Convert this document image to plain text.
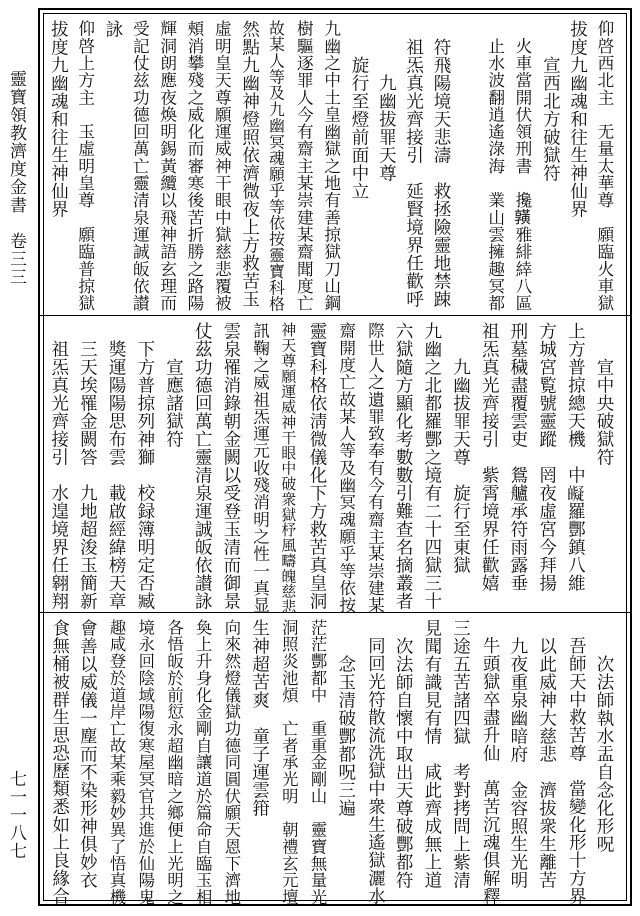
靈寶領教濟度金書　卷三三
七一一八七
仰啓西北主　无量太華尊　願臨火車獄
拔度九幽魂和往生神仙界
　　宣西北方破獄符
　火車當開伏領刑書　攙𪏆雅緋緈八區
　止水波翻逍遙淥海　業山雲擁趣冥都

　符飛陽境天悲濤　救拯險靈地禁踈
　祖炁真光齊接引　延賢境界任歡呼
　　　九幽拔罪天尊
　　旋行至燈前面中立
九幽之中土皇幽獄之地有善掠獄刀山鋼
樹驅逐罪人今有齋主某崇建某齋聞度亡
故某人等及九幽冥魂願乎等依按靈寶科格
然點九幽神燈照依濟微夜上方救苦玉
虛明皇天尊願運威神干眼中獄慈悲覆被
頰消攀殘之威化而審寒後苦折勝之路陽
輝洞朗應夜煥明錫黃纜以飛神語玄理而
受記仗兹功德回萬亡靈清泉運誠皈依讃
詠
仰啓上方主　玉虛明皇尊　願臨普掠獄
拔度九幽魂和往生神仙界
　　宣中央破獄符
上方普掠總天機　中𤾰羅酆鎮八維
方城宮覧號靈蹤　罔夜虛宮今拜揚
刑墓穢盡覆雲吏　鴛艫承符雨露垂
祖炁真光齊接引　紫霄境界任歡嬉
　　九幽拔罪天尊　旋行至東獄
九幽之北都羅酆之境有二十四獄三十
六獄隨方顯化考數數引難查名摘叢者
際世人之遺罪致奉有今有齋主某崇建某
齋開度亡故某人等及幽冥魂願乎等依按
靈寶科格依淸微儀化下方救苦真皇洞
神天尊願運威神干眼中破衆獄杼風疇魄慈悲
訊鞠之威祖炁運元收殘消明之性一真显
雲泉罹消錄朝金闕以受登玉清而御景
仗茲功德回萬亡靈清泉運誠皈依讃詠
　　宣應諸獄符
　下方普掠列神獅　校録簿明定否臧
　獎運陽陽思布雲　載啟經緯榜天章
　三天埃罹金闕答　九地超浚玉簡新
　祖炁真光齊接引　水遑境界任翱翔
　　次法師執水盂自念化形呪
　吾師天中救苦尊　當變化形十方界
　以此威神大慈悲　濟拔衆生離苦
　九夜重泉幽暗府　金容照生光明
　牛頭獄卒盡升仙　萬苦沉魂俱解釋
三途五苦諸四獄　考對拷問上紫清
見聞有識見有情　咸此齊成無上道
　次法師自懷中取出天尊破酆都符
　同回光符散流洗獄中衆生遙獄灑水
　　念玉清破酆都呪三遍
茫茫酆都中　重重金剛山　靈寶無量光
洞照炎池煩　亡者承光明　朝禮玄元壇
生神超苦爽　童子運雲箝
向來然燈儀獄功德同圓伏願天恩下濟地
奐上升身化金剛自讓道於篇命自臨玉相
各悟皈於前愆永超幽暗之鄉便上光明之
境永回陰域陽復寒屋冥官共進於仙陽鬼
趣咸登於道岸亡故某乘毅妙異了悟真機
會善以威儀一塵而不染形神俱妙衣
食無桶被群生思恐歷類悉如上良緣合
